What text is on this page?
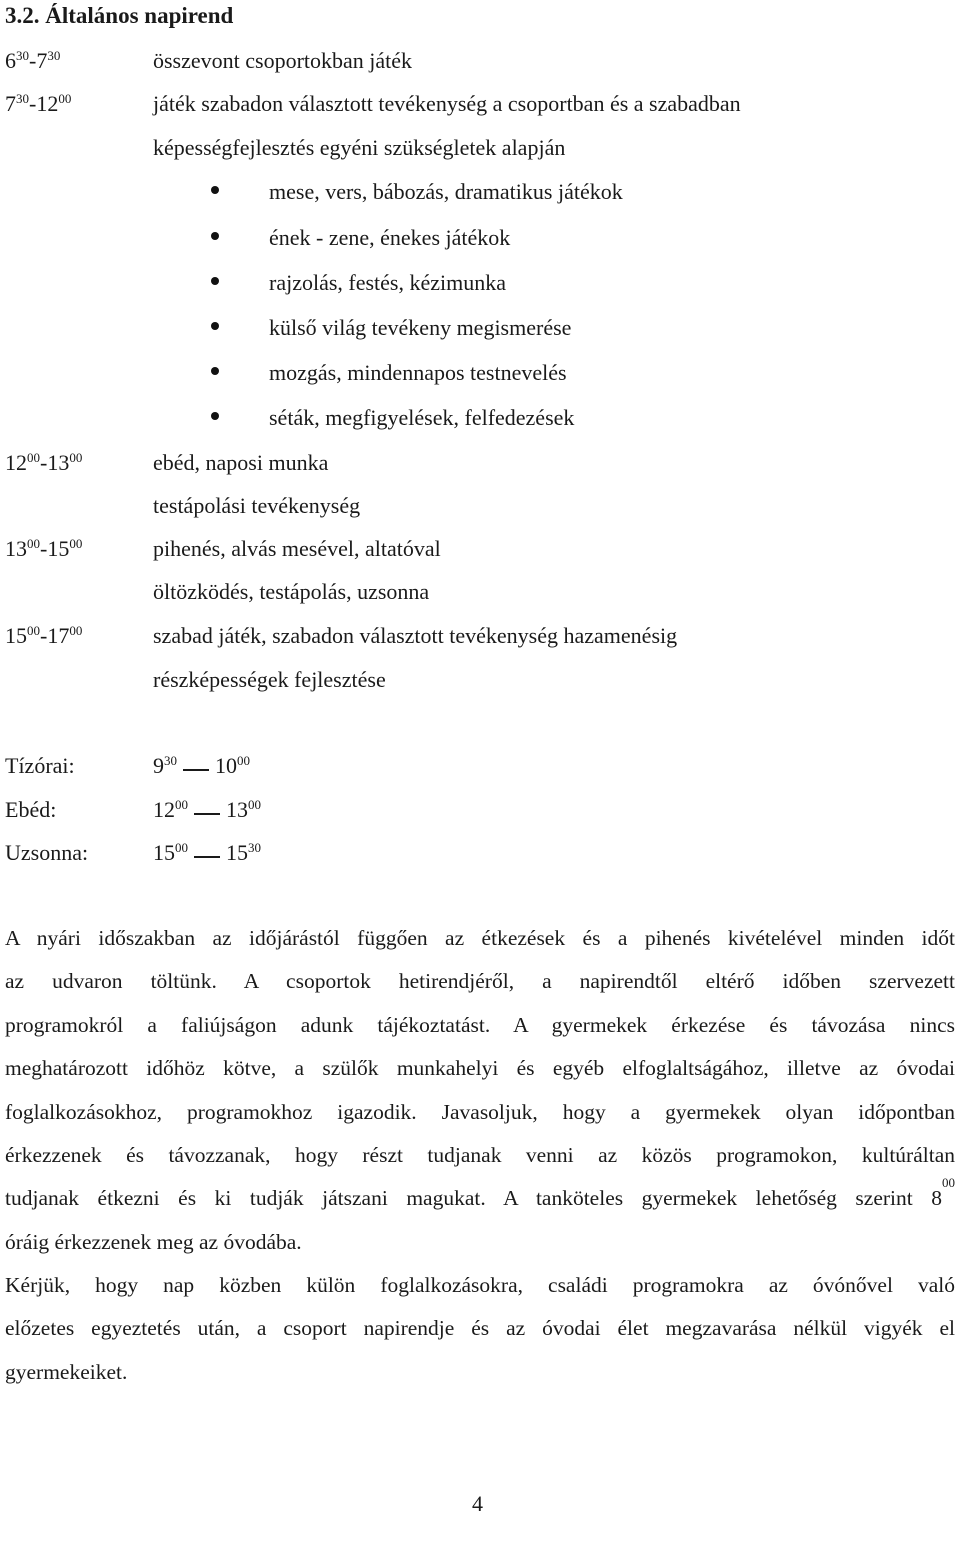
3.2. Általános napirend
$6^{30}-7^{30}$	összevont csoportokban játék
$7^{30}-12^{00}$	játék szabadon választott tevékenység a csoportban és a szabadban
képességfejlesztés egyéni szükségletek alapján
mese, vers, bábozás, dramatikus játékok
ének - zene, énekes játékok
rajzolás, festés, kézimunka
külső világ tevékeny megismerése
mozgás, mindennapos testnevelés
séták, megfigyelések, felfedezések
$12^{00}-13^{00}$	ebéd, naposi munka
testápolási tevékenység
$13^{00}-15^{00}$	pihenés, alvás mesével, altatóval
öltözködés, testápolás, uzsonna
$15^{00}-17^{00}$	szabad játék, szabadon választott tevékenység hazamenésig
részképességek fejlesztése
Tízórai:	$9^{30}$ $10^{00}$
Ebéd:	$12^{00}$ $13^{00}$
Uzsonna:	$15^{00}$ $15^{30}$
A nyári időszakban az időjárástól függően az étkezések és a pihenés kivételével minden időt
az udvaron töltünk. A csoportok hetirendjéről, a napirendtől eltérő időben szervezett
programokról a faliújságon adunk tájékoztatást. A gyermekek érkezése és távozása nincs
meghatározott időhöz kötve, a szülők munkahelyi és egyéb elfoglaltságához, illetve az óvodai
foglalkozásokhoz, programokhoz igazodik. Javasoljuk, hogy a gyermekek olyan időpontban
érkezzenek és távozzanak, hogy részt tudjanak venni az közös programokon, kultúráltan
tudjanak étkezni és ki tudják játszani magukat. A tanköteles gyermekek lehetőség szerint $8^{00}$
óráig érkezzenek meg az óvodába.
Kérjük, hogy nap közben külön foglalkozásokra, családi programokra az óvónővel való
előzetes egyeztetés után, a csoport napirendje és az óvodai élet megzavarása nélkül vigyék el
gyermekeiket.
4
